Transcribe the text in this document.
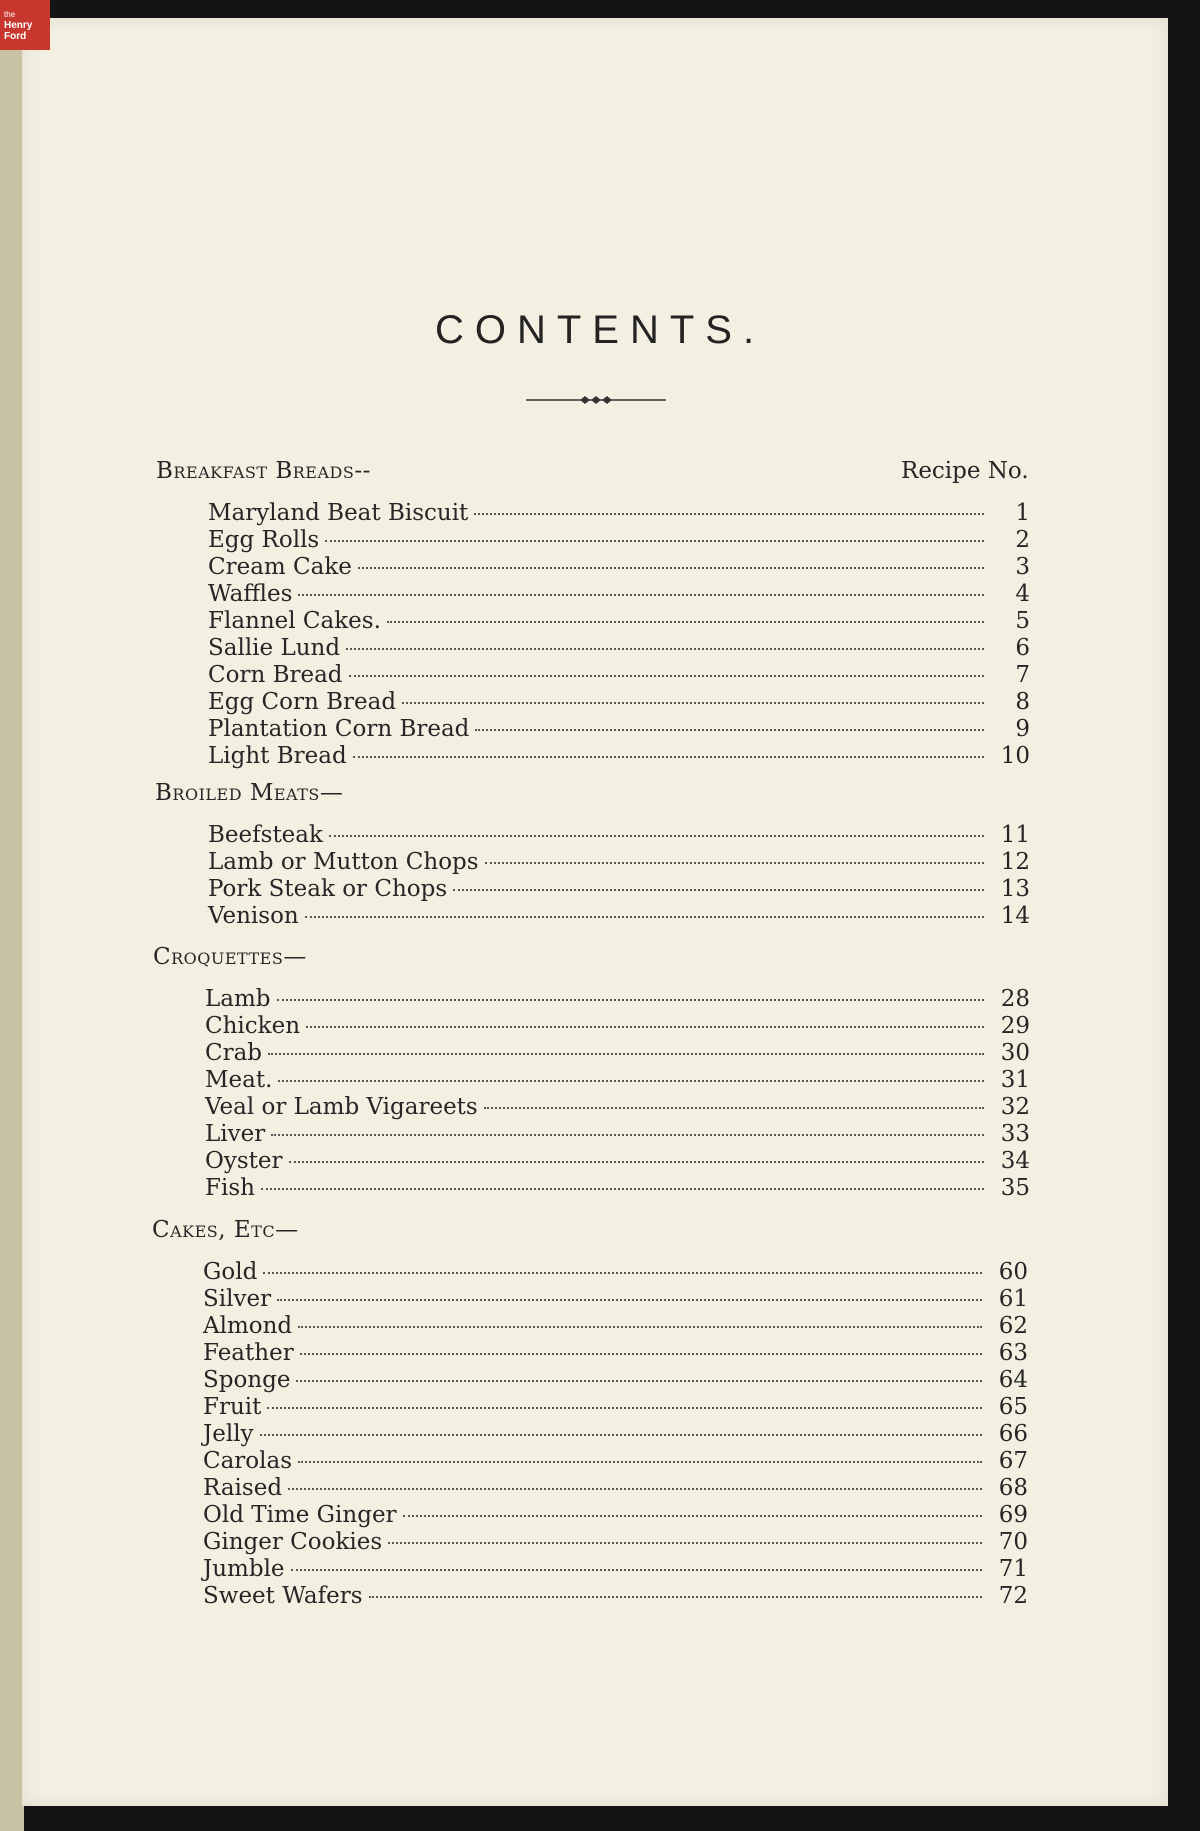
the
Henry
Ford
CONTENTS.
Recipe No.
Breakfast Breads--
Maryland Beat Biscuit	1
Egg Rolls	2
Cream Cake	3
Waffles	4
Flannel Cakes.	5
Sallie Lund	6
Corn Bread	7
Egg Corn Bread	8
Plantation Corn Bread	9
Light Bread	10
Broiled Meats—
Beefsteak	11
Lamb or Mutton Chops	12
Pork Steak or Chops	13
Venison	14
Croquettes—
Lamb	28
Chicken	29
Crab	30
Meat.	31
Veal or Lamb Vigareets	32
Liver	33
Oyster	34
Fish	35
Cakes, Etc—
Gold	60
Silver	61
Almond	62
Feather	63
Sponge	64
Fruit	65
Jelly	66
Carolas	67
Raised	68
Old Time Ginger	69
Ginger Cookies	70
Jumble	71
Sweet Wafers	72
